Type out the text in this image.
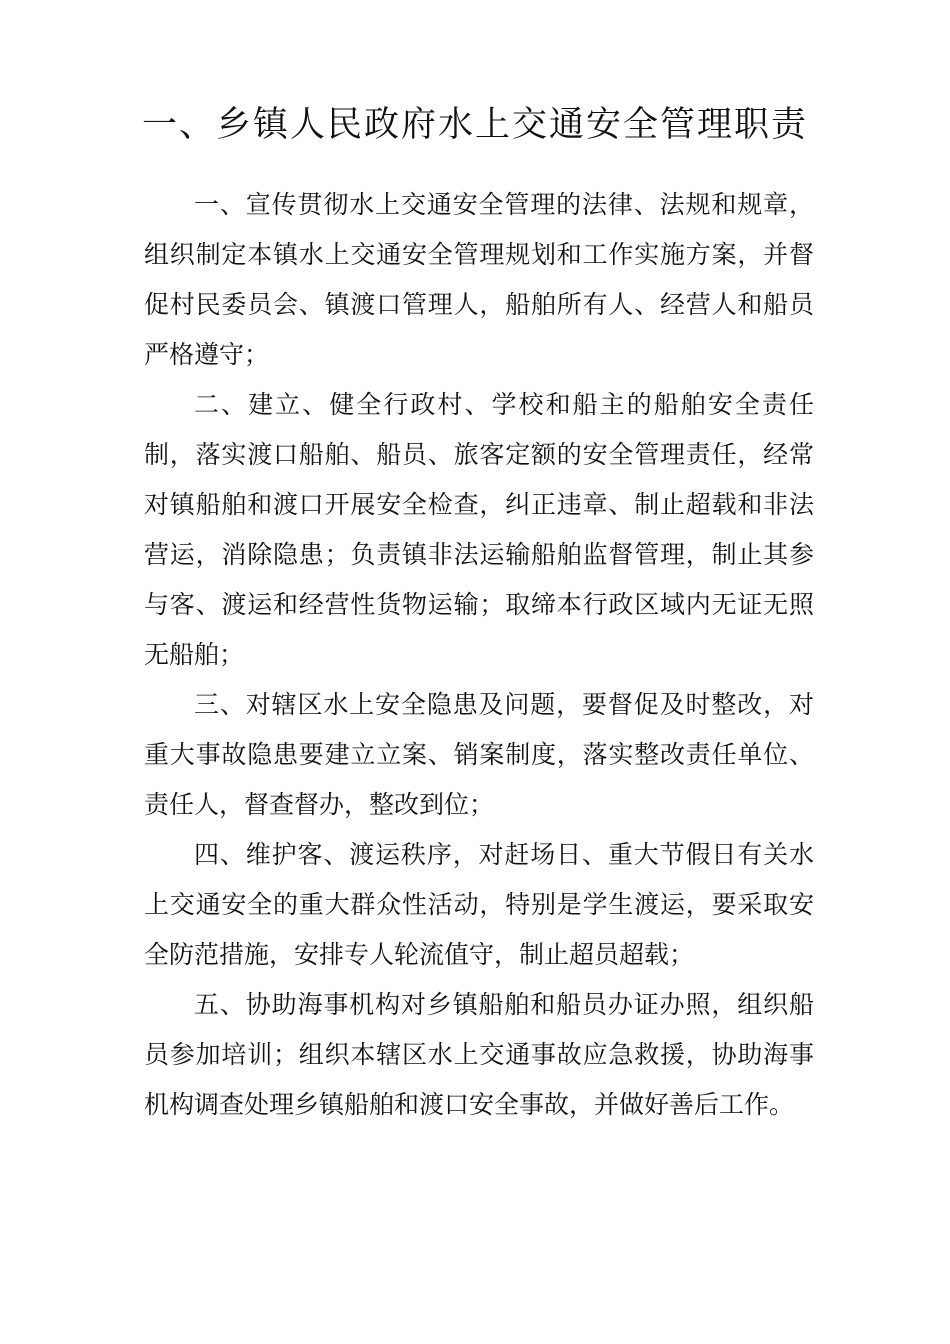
一、乡镇人民政府水上交通安全管理职责

一、宣传贯彻水上交通安全管理的法律、法规和规章，组织制定本镇水上交通安全管理规划和工作实施方案，并督促村民委员会、镇渡口管理人，船舶所有人、经营人和船员严格遵守；

二、建立、健全行政村、学校和船主的船舶安全责任制，落实渡口船舶、船员、旅客定额的安全管理责任，经常对镇船舶和渡口开展安全检查，纠正违章、制止超载和非法营运，消除隐患；负责镇非法运输船舶监督管理，制止其参与客、渡运和经营性货物运输；取缔本行政区域内无证无照无船舶；

三、对辖区水上安全隐患及问题，要督促及时整改，对重大事故隐患要建立立案、销案制度，落实整改责任单位、责任人，督查督办，整改到位；

四、维护客、渡运秩序，对赶场日、重大节假日有关水上交通安全的重大群众性活动，特别是学生渡运，要采取安全防范措施，安排专人轮流值守，制止超员超载；

五、协助海事机构对乡镇船舶和船员办证办照，组织船员参加培训；组织本辖区水上交通事故应急救援，协助海事机构调查处理乡镇船舶和渡口安全事故，并做好善后工作。
